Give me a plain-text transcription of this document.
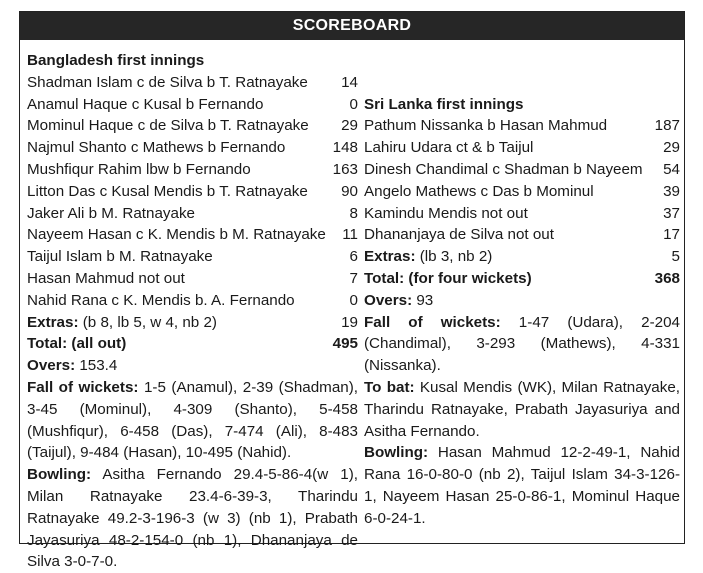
SCOREBOARD
Bangladesh first innings
Shadman Islam c de Silva b T. Ratnayake 14
Anamul Haque c Kusal b Fernando	0
Mominul Haque c de Silva b T. Ratnayake 29
Najmul Shanto c Mathews b Fernando	148
Mushfiqur Rahim lbw b Fernando	163
Litton Das c Kusal Mendis b T. Ratnayake 90
Jaker Ali b M. Ratnayake	8
Nayeem Hasan c K. Mendis b M. Ratnayake 11
Taijul Islam b M. Ratnayake	6
Hasan Mahmud not out	7
Nahid Rana c K. Mendis b. A. Fernando	0
Extras: (b 8, lb 5, w 4, nb 2)	19
Total: (all out)	495
Overs: 153.4
Fall of wickets: 1-5 (Anamul), 2-39 (Shadman), 3-45 (Mominul), 4-309 (Shanto), 5-458 (Mushfiqur), 6-458 (Das), 7-474 (Ali), 8-483 (Taijul), 9-484 (Hasan), 10-495 (Nahid).
Bowling: Asitha Fernando 29.4-5-86-4(w 1), Milan Ratnayake 23.4-6-39-3, Tharindu Ratnayake 49.2-3-196-3 (w 3) (nb 1), Prabath Jayasuriya 48-2-154-0 (nb 1), Dhananjaya de Silva 3-0-7-0.
Sri Lanka first innings
Pathum Nissanka b Hasan Mahmud	187
Lahiru Udara ct & b Taijul	29
Dinesh Chandimal c Shadman b Nayeem 54
Angelo Mathews c Das b Mominul	39
Kamindu Mendis not out	37
Dhananjaya de Silva not out	17
Extras: (lb 3, nb 2)	5
Total: (for four wickets)	368
Overs: 93
Fall of wickets: 1-47 (Udara), 2-204 (Chandimal), 3-293 (Mathews), 4-331 (Nissanka).
To bat: Kusal Mendis (WK), Milan Ratnayake, Tharindu Ratnayake, Prabath Jayasuriya and Asitha Fernando.
Bowling: Hasan Mahmud 12-2-49-1, Nahid Rana 16-0-80-0 (nb 2), Taijul Islam 34-3-126-1, Nayeem Hasan 25-0-86-1, Mominul Haque 6-0-24-1.
